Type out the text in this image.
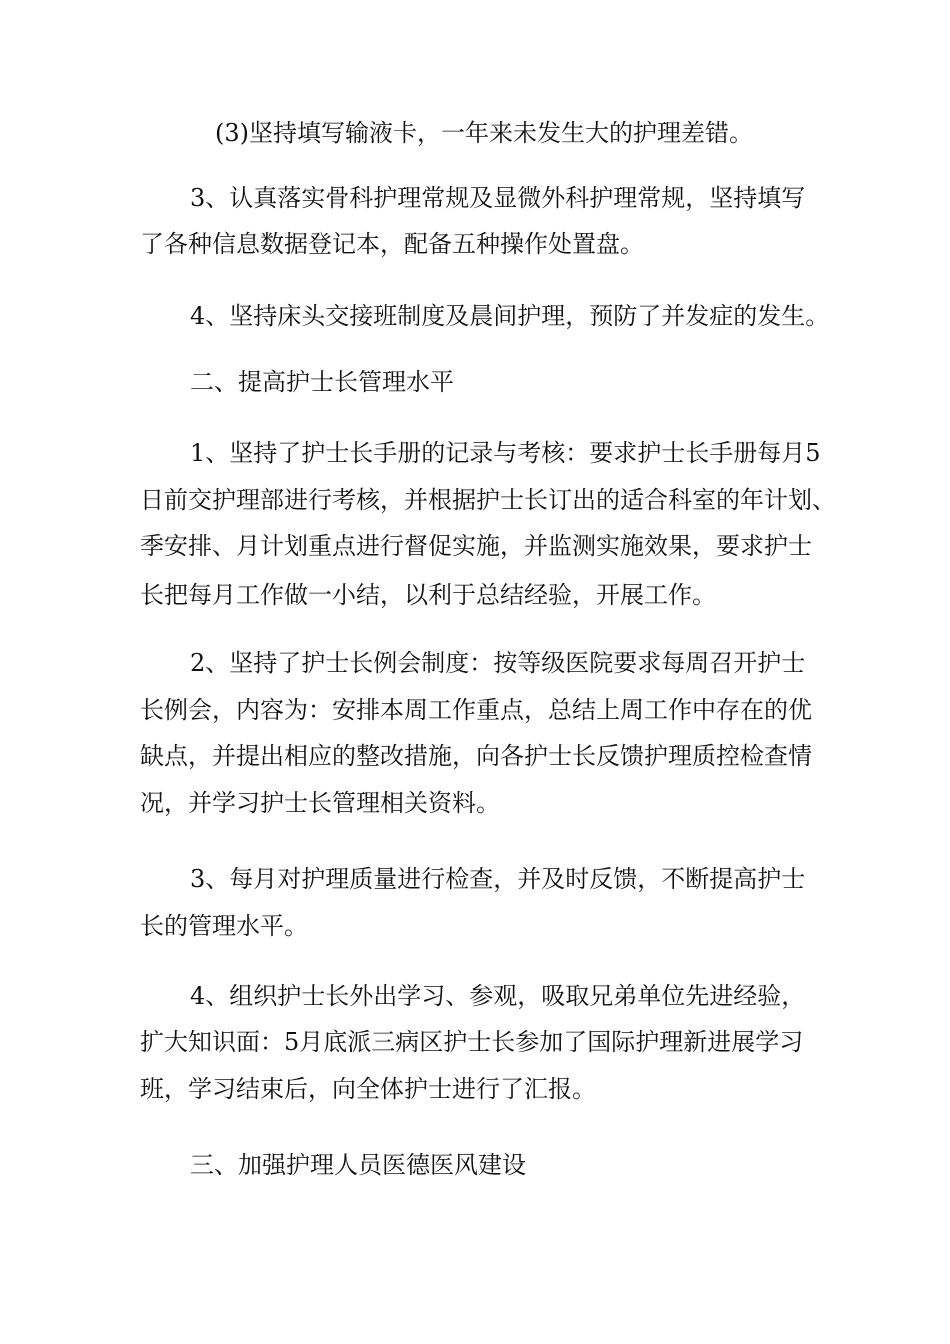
(3)坚持填写输液卡，一年来未发生大的护理差错。
3、认真落实骨科护理常规及显微外科护理常规，坚持填写
了各种信息数据登记本，配备五种操作处置盘。
4、坚持床头交接班制度及晨间护理，预防了并发症的发生。
二、提高护士长管理水平
1、坚持了护士长手册的记录与考核：要求护士长手册每月5
日前交护理部进行考核，并根据护士长订出的适合科室的年计划、
季安排、月计划重点进行督促实施，并监测实施效果，要求护士
长把每月工作做一小结，以利于总结经验，开展工作。
2、坚持了护士长例会制度：按等级医院要求每周召开护士
长例会，内容为：安排本周工作重点，总结上周工作中存在的优
缺点，并提出相应的整改措施，向各护士长反馈护理质控检查情
况，并学习护士长管理相关资料。
3、每月对护理质量进行检查，并及时反馈，不断提高护士
长的管理水平。
4、组织护士长外出学习、参观，吸取兄弟单位先进经验，
扩大知识面：5月底派三病区护士长参加了国际护理新进展学习
班，学习结束后，向全体护士进行了汇报。
三、加强护理人员医德医风建设
